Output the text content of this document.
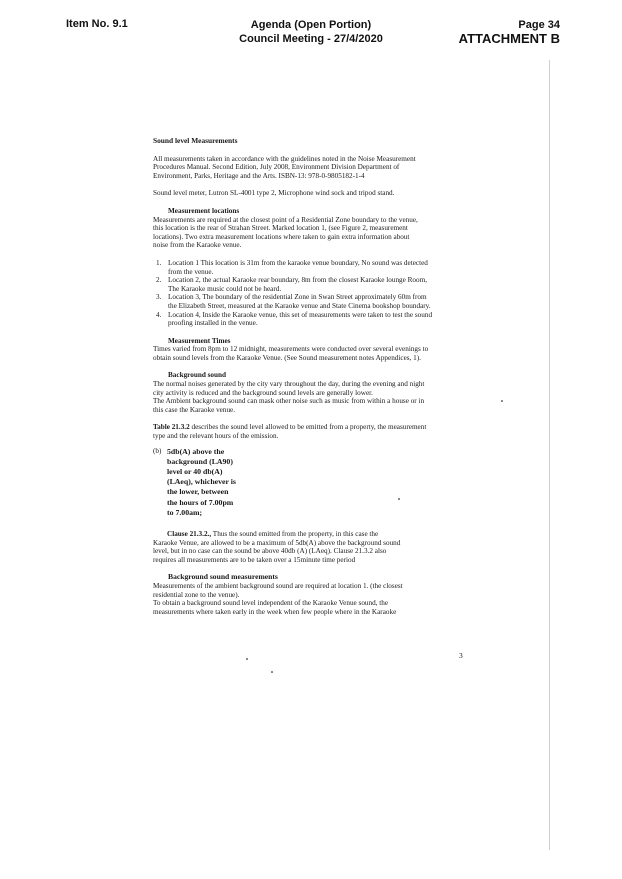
Item No. 9.1	Agenda (Open Portion)
Council Meeting - 27/4/2020
Page 34
ATTACHMENT B

Sound level Measurements

All measurements taken in accordance with the guidelines noted in the Noise Measurement
Procedures Manual. Second Edition, July 2008, Environment Division Department of
Environment, Parks, Heritage and the Arts. ISBN-13: 978-0-9805182-1-4

Sound level meter, Lutron SL-4001 type 2, Microphone wind sock and tripod stand.

Measurement locations

Measurements are required at the closest point of a Residential Zone boundary to the venue,
this location is the rear of Strahan Street. Marked location 1, (see Figure 2, measurement
locations). Two extra measurement locations where taken to gain extra information about
noise from the Karaoke venue.

1. Location 1 This location is 31m from the karaoke venue boundary, No sound was detected
from the venue.
2. Location 2, the actual Karaoke rear boundary, 8m from the closest Karaoke lounge Room,
The Karaoke music could not be heard.
3. Location 3, The boundary of the residential Zone in Swan Street approximately 60m from
the Elizabeth Street, measured at the Karaoke venue and State Cinema bookshop boundary.
4. Location 4, Inside the Karaoke venue, this set of measurements were taken to test the sound
proofing installed in the venue.

Measurement Times

Times varied from 8pm to 12 midnight, measurements were conducted over several evenings to
obtain sound levels from the Karaoke Venue. (See Sound measurement notes Appendices, 1).

Background sound

The normal noises generated by the city vary throughout the day, during the evening and night
city activity is reduced and the background sound levels are generally lower.
The Ambient background sound can mask other noise such as music from within a house or in
this case the Karaoke venue.

Table 21.3.2 describes the sound level allowed to be emitted from a property, the measurement
type and the relevant hours of the emission.

(b) 5db(A) above the
background (LA90)
level or 40 db(A)
(LAeq), whichever is
the lower, between
the hours of 7.00pm
to 7.00am;

Clause 21.3.2., Thus the sound emitted from the property, in this case the
Karaoke Venue, are allowed to be a maximum of 5db(A) above the background sound
level, but in no case can the sound be above 40db (A) (LAeq). Clause 21.3.2 also
requires all measurements are to be taken over a 15minute time period

Background sound measurements

Measurements of the ambient background sound are required at location 1. (the closest
residential zone to the venue).
To obtain a background sound level independent of the Karaoke Venue sound, the
measurements where taken early in the week when few people where in the Karaoke

3
